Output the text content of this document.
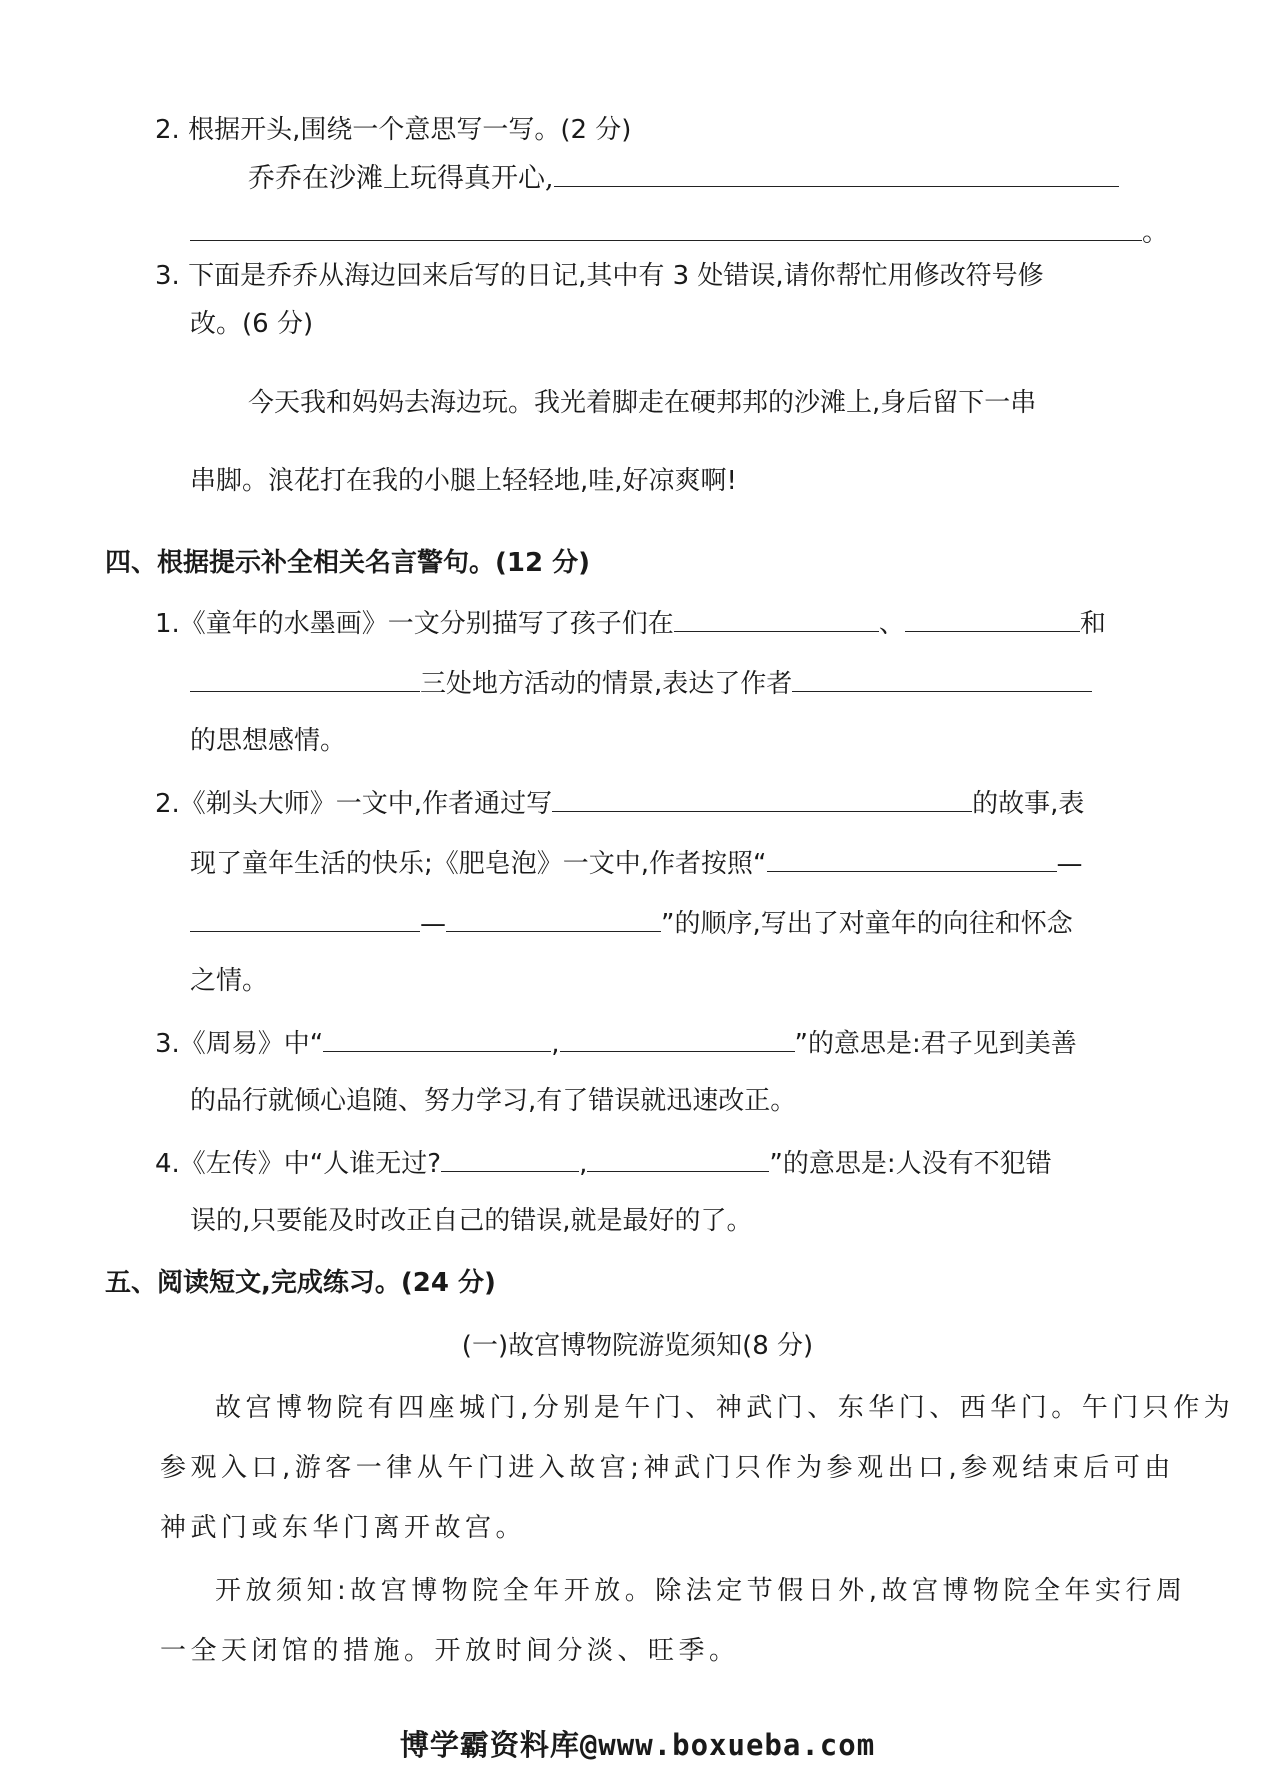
2. 根据开头,围绕一个意思写一写。(2 分)
乔乔在沙滩上玩得真开心,
。
3. 下面是乔乔从海边回来后写的日记,其中有 3 处错误,请你帮忙用修改符号修
改。(6 分)
今天我和妈妈去海边玩。我光着脚走在硬邦邦的沙滩上,身后留下一串
串脚。浪花打在我的小腿上轻轻地,哇,好凉爽啊!
四、根据提示补全相关名言警句。(12 分)
1.《童年的水墨画》一文分别描写了孩子们在	、	和
三处地方活动的情景,表达了作者
的思想感情。
2.《剃头大师》一文中,作者通过写	的故事,表
现了童年生活的快乐;《肥皂泡》一文中,作者按照“	—
—	”的顺序,写出了对童年的向往和怀念
之情。
3.《周易》中“	,	”的意思是:君子见到美善
的品行就倾心追随、努力学习,有了错误就迅速改正。
4.《左传》中“人谁无过?	,	”的意思是:人没有不犯错
误的,只要能及时改正自己的错误,就是最好的了。
五、阅读短文,完成练习。(24 分)
(一)故宫博物院游览须知(8 分)
故宫博物院有四座城门,分别是午门、神武门、东华门、西华门。午门只作为
参观入口,游客一律从午门进入故宫;神武门只作为参观出口,参观结束后可由
神武门或东华门离开故宫。
开放须知:故宫博物院全年开放。除法定节假日外,故宫博物院全年实行周
一全天闭馆的措施。开放时间分淡、旺季。
博学霸资料库@www.boxueba.com
